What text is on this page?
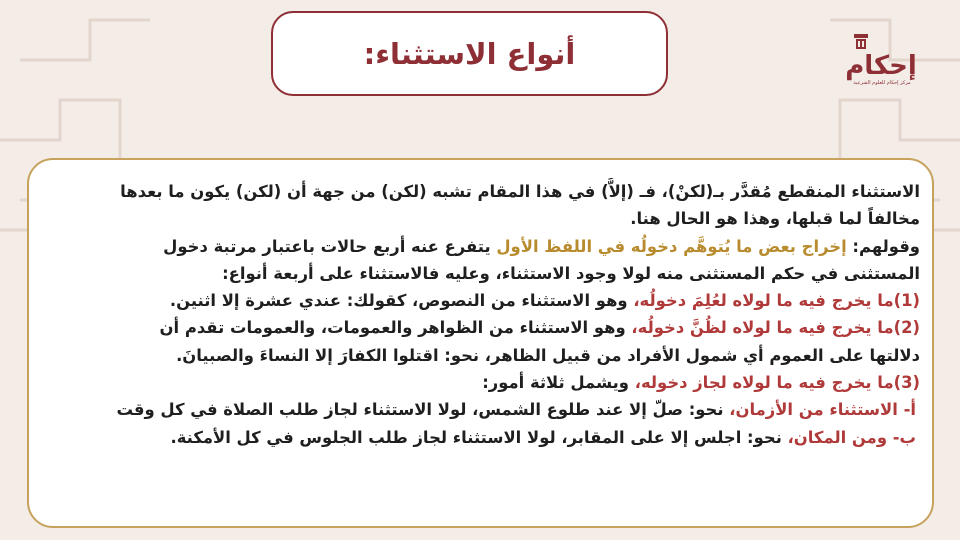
أنواع الاستثناء:	إحكام
مركز إحكام للعلوم الشرعية
الاستثناء المنقطع مُقدَّر بـ(لكنْ)، فـ (إلاَّ) في هذا المقام تشبه (لكن) من جهة أن (لكن) يكون ما بعدها
مخالفاً لما قبلها، وهذا هو الحال هنا.
وقولهم: إخراج بعض ما يُتوهَّم دخولُه في اللفظ الأول يتفرع عنه أربع حالات باعتبار مرتبة دخول
المستثنى في حكم المستثنى منه لولا وجود الاستثناء، وعليه فالاستثناء على أربعة أنواع:
(1)ما يخرج فيه ما لولاه لعُلِمَ دخولُه، وهو الاستثناء من النصوص، كقولك: عندي عشرة إلا اثنين.
(2)ما يخرج فيه ما لولاه لظُنَّ دخولُه، وهو الاستثناء من الظواهر والعمومات، والعمومات تقدم أن
دلالتها على العموم أي شمول الأفراد من قبيل الظاهر، نحو: اقتلوا الكفارَ إلا النساءَ والصبيانَ.
(3)ما يخرج فيه ما لولاه لجاز دخوله، ويشمل ثلاثة أمور:
أ- الاستثناء من الأزمان، نحو: صلّ إلا عند طلوع الشمس، لولا الاستثناء لجاز طلب الصلاة في كل وقت
ب- ومن المكان، نحو: اجلس إلا على المقابر، لولا الاستثناء لجاز طلب الجلوس في كل الأمكنة.
